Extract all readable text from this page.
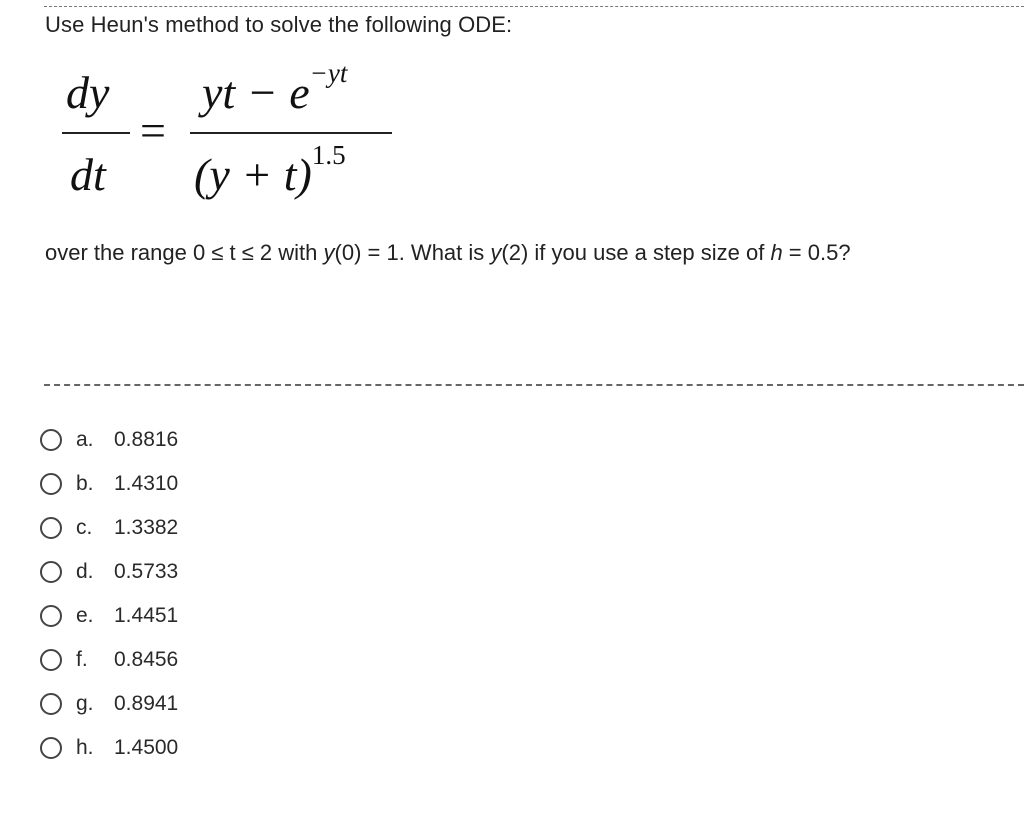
Use Heun's method to solve the following ODE:
dy
dt
=
yt − $e^{-yt}$
$(y + t)^{1.5}$
over the range 0 ≤ t ≤ 2 with y(0) = 1. What is y(2) if you use a step size of h = 0.5?
a. 0.8816
b. 1.4310
c.	1.3382
d. 0.5733
e. 1.4451
f.	0.8456
g. 0.8941
h. 1.4500
